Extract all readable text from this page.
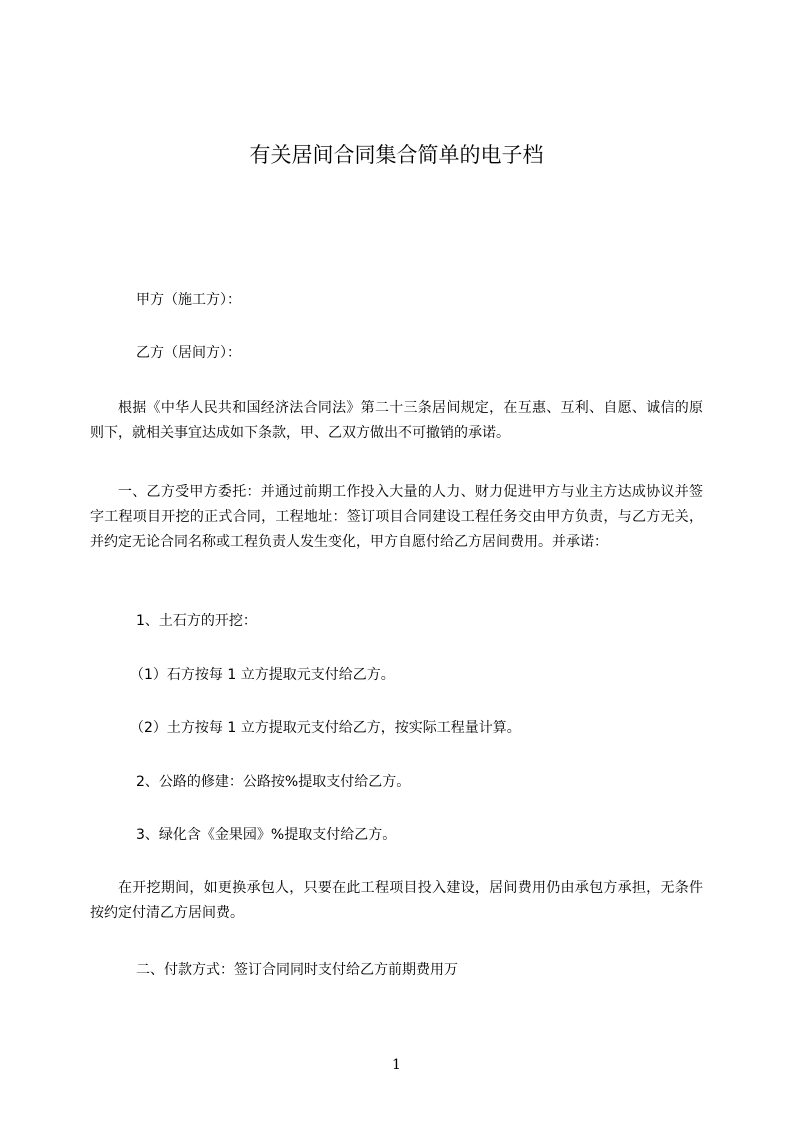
有关居间合同集合简单的电子档

甲方（施工方）：

乙方（居间方）：

根据《中华人民共和国经济法合同法》第二十三条居间规定，在互惠、互利、自愿、诚信的原则下，就相关事宜达成如下条款，甲、乙双方做出不可撤销的承诺。

一、乙方受甲方委托：并通过前期工作投入大量的人力、财力促进甲方与业主方达成协议并签字工程项目开挖的正式合同，工程地址：签订项目合同建设工程任务交由甲方负责，与乙方无关，并约定无论合同名称或工程负责人发生变化，甲方自愿付给乙方居间费用。并承诺：

1、土石方的开挖：

（1）石方按每 1 立方提取元支付给乙方。

（2）土方按每 1 立方提取元支付给乙方，按实际工程量计算。

2、公路的修建：公路按%提取支付给乙方。

3、绿化含《金果园》%提取支付给乙方。

在开挖期间，如更换承包人，只要在此工程项目投入建设，居间费用仍由承包方承担，无条件按约定付清乙方居间费。

二、付款方式：签订合同同时支付给乙方前期费用万

1
